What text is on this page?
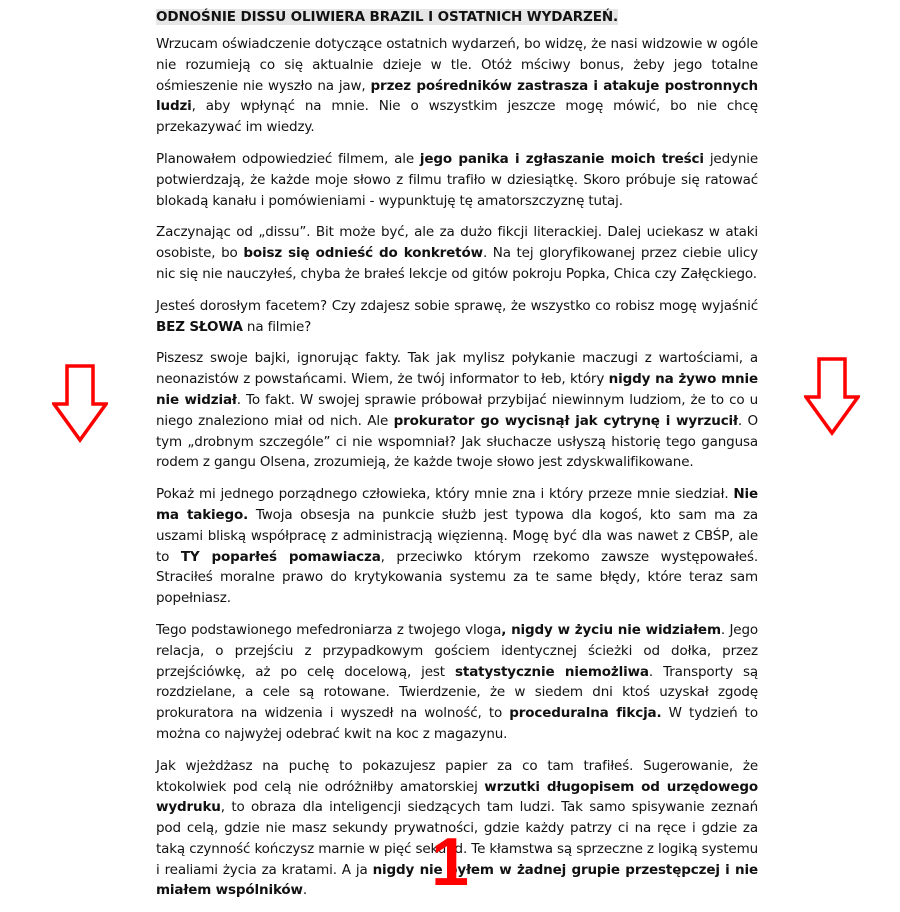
ODNOŚNIE DISSU OLIWIERA BRAZIL I OSTATNICH WYDARZEŃ.

Wrzucam oświadczenie dotyczące ostatnich wydarzeń, bo widzę, że nasi widzowie w ogóle nie rozumieją co się aktualnie dzieje w tle. Otóż mściwy bonus, żeby jego totalne ośmieszenie nie wyszło na jaw, przez pośredników zastrasza i atakuje postronnych ludzi, aby wpłynąć na mnie. Nie o wszystkim jeszcze mogę mówić, bo nie chcę przekazywać im wiedzy.

Planowałem odpowiedzieć filmem, ale jego panika i zgłaszanie moich treści jedynie potwierdzają, że każde moje słowo z filmu trafiło w dziesiątkę. Skoro próbuje się ratować blokadą kanału i pomówieniami - wypunktuję tę amatorszczyznę tutaj.

Zaczynając od „dissu”. Bit może być, ale za dużo fikcji literackiej. Dalej uciekasz w ataki osobiste, bo boisz się odnieść do konkretów. Na tej gloryfikowanej przez ciebie ulicy nic się nie nauczyłeś, chyba że brałeś lekcje od gitów pokroju Popka, Chica czy Załęckiego.

Jesteś dorosłym facetem? Czy zdajesz sobie sprawę, że wszystko co robisz mogę wyjaśnić BEZ SŁOWA na filmie?

Piszesz swoje bajki, ignorując fakty. Tak jak mylisz połykanie maczugi z wartościami, a neonazistów z powstańcami. Wiem, że twój informator to łeb, który nigdy na żywo mnie nie widział. To fakt. W swojej sprawie próbował przybijać niewinnym ludziom, że to co u niego znaleziono miał od nich. Ale prokurator go wycisnął jak cytrynę i wyrzucił. O tym „drobnym szczególe” ci nie wspomniał? Jak słuchacze usłyszą historię tego gangusa rodem z gangu Olsena, zrozumieją, że każde twoje słowo jest zdyskwalifikowane.

Pokaż mi jednego porządnego człowieka, który mnie zna i który przeze mnie siedział. Nie ma takiego. Twoja obsesja na punkcie służb jest typowa dla kogoś, kto sam ma za uszami bliską współpracę z administracją więzienną. Mogę być dla was nawet z CBŚP, ale to TY poparłeś pomawiacza, przeciwko którym rzekomo zawsze występowałeś. Straciłeś moralne prawo do krytykowania systemu za te same błędy, które teraz sam popełniasz.

Tego podstawionego mefedroniarza z twojego vloga, nigdy w życiu nie widziałem. Jego relacja, o przejściu z przypadkowym gościem identycznej ścieżki od dołka, przez przejściówkę, aż po celę docelową, jest statystycznie niemożliwa. Transporty są rozdzielane, a cele są rotowane. Twierdzenie, że w siedem dni ktoś uzyskał zgodę prokuratora na widzenia i wyszedł na wolność, to proceduralna fikcja. W tydzień to można co najwyżej odebrać kwit na koc z magazynu.

Jak wjeżdżasz na puchę to pokazujesz papier za co tam trafiłeś. Sugerowanie, że ktokolwiek pod celą nie odróżniłby amatorskiej wrzutki długopisem od urzędowego wydruku, to obraza dla inteligencji siedzących tam ludzi. Tak samo spisywanie zeznań pod celą, gdzie nie masz sekundy prywatności, gdzie każdy patrzy ci na ręce i gdzie za taką czynność kończysz marnie w pięć sekund. Te kłamstwa są sprzeczne z logiką systemu i realiami życia za kratami. A ja nigdy nie byłem w żadnej grupie przestępczej i nie miałem wspólników.	1
